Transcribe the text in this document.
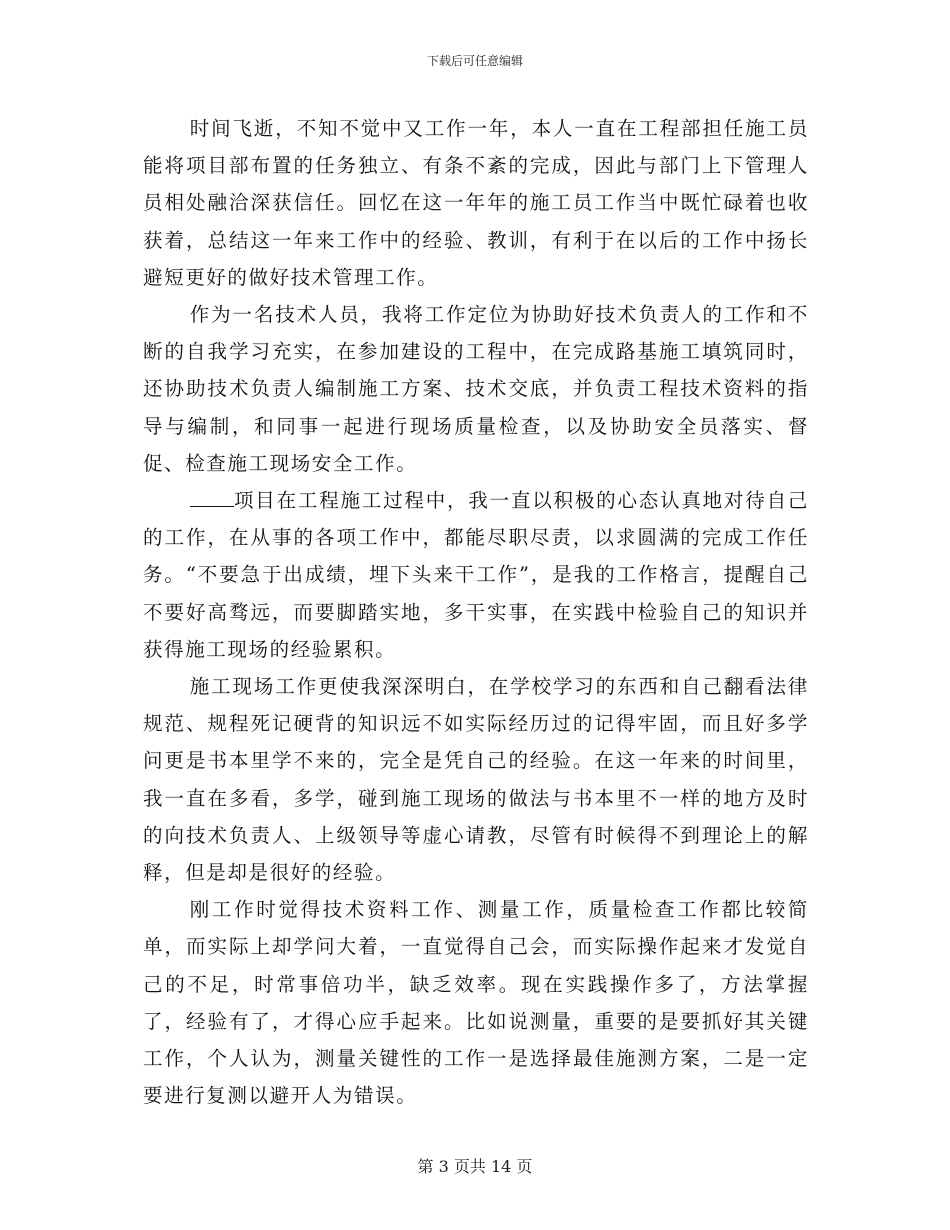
下载后可任意编辑

时间飞逝，不知不觉中又工作一年，本人一直在工程部担任施工员能将项目部布置的任务独立、有条不紊的完成，因此与部门上下管理人员相处融洽深获信任。回忆在这一年年的施工员工作当中既忙碌着也收获着，总结这一年来工作中的经验、教训，有利于在以后的工作中扬长避短更好的做好技术管理工作。

作为一名技术人员，我将工作定位为协助好技术负责人的工作和不断的自我学习充实，在参加建设的工程中，在完成路基施工填筑同时，还协助技术负责人编制施工方案、技术交底，并负责工程技术资料的指导与编制，和同事一起进行现场质量检查，以及协助安全员落实、督促、检查施工现场安全工作。

项目在工程施工过程中，我一直以积极的心态认真地对待自己的工作，在从事的各项工作中，都能尽职尽责，以求圆满的完成工作任务。“不要急于出成绩，埋下头来干工作”，是我的工作格言，提醒自己不要好高骛远，而要脚踏实地，多干实事，在实践中检验自己的知识并获得施工现场的经验累积。

施工现场工作更使我深深明白，在学校学习的东西和自己翻看法律规范、规程死记硬背的知识远不如实际经历过的记得牢固，而且好多学问更是书本里学不来的，完全是凭自己的经验。在这一年来的时间里，我一直在多看，多学，碰到施工现场的做法与书本里不一样的地方及时的向技术负责人、上级领导等虚心请教，尽管有时候得不到理论上的解释，但是却是很好的经验。

刚工作时觉得技术资料工作、测量工作，质量检查工作都比较简单，而实际上却学问大着，一直觉得自己会，而实际操作起来才发觉自己的不足，时常事倍功半，缺乏效率。现在实践操作多了，方法掌握了，经验有了，才得心应手起来。比如说测量，重要的是要抓好其关键工作，个人认为，测量关键性的工作一是选择最佳施测方案，二是一定要进行复测以避开人为错误。

第 3 页共 14 页
